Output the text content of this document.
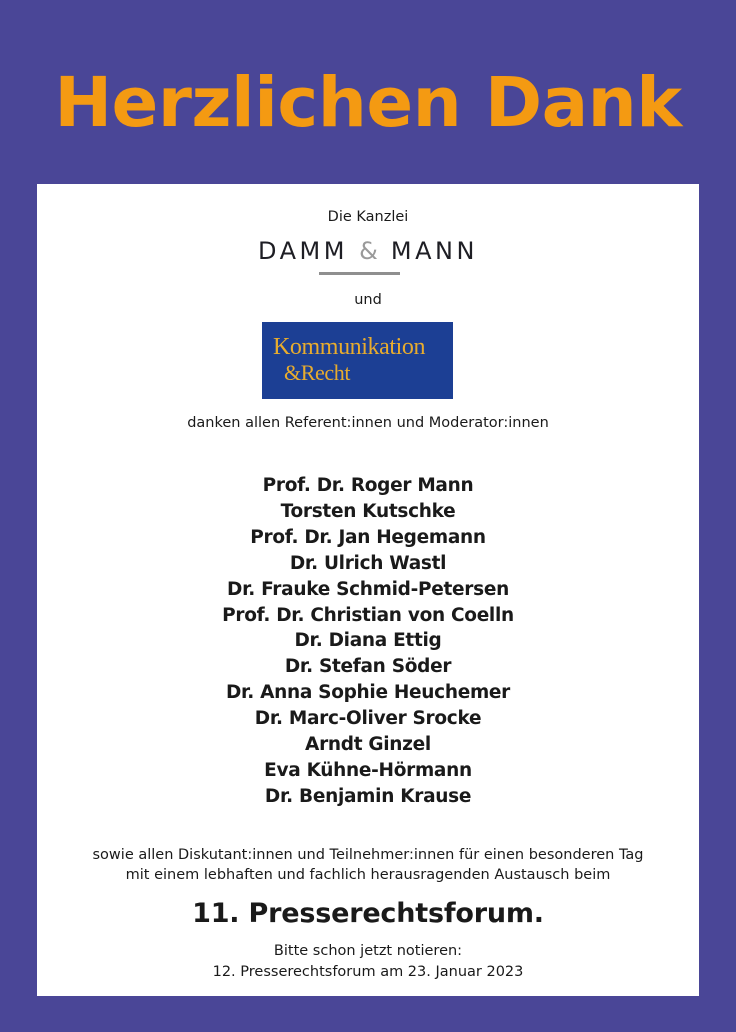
Herzlichen Dank
Die Kanzlei
DAMM & MANN
und
Kommunikation
&Recht
danken allen Referent:innen und Moderator:innen
Prof. Dr. Roger Mann
Torsten Kutschke
Prof. Dr. Jan Hegemann
Dr. Ulrich Wastl
Dr. Frauke Schmid-Petersen
Prof. Dr. Christian von Coelln
Dr. Diana Ettig
Dr. Stefan Söder
Dr. Anna Sophie Heuchemer
Dr. Marc-Oliver Srocke
Arndt Ginzel
Eva Kühne-Hörmann
Dr. Benjamin Krause
sowie allen Diskutant:innen und Teilnehmer:innen für einen besonderen Tag
mit einem lebhaften und fachlich herausragenden Austausch beim
11. Presserechtsforum.
Bitte schon jetzt notieren:
12. Presserechtsforum am 23. Januar 2023
